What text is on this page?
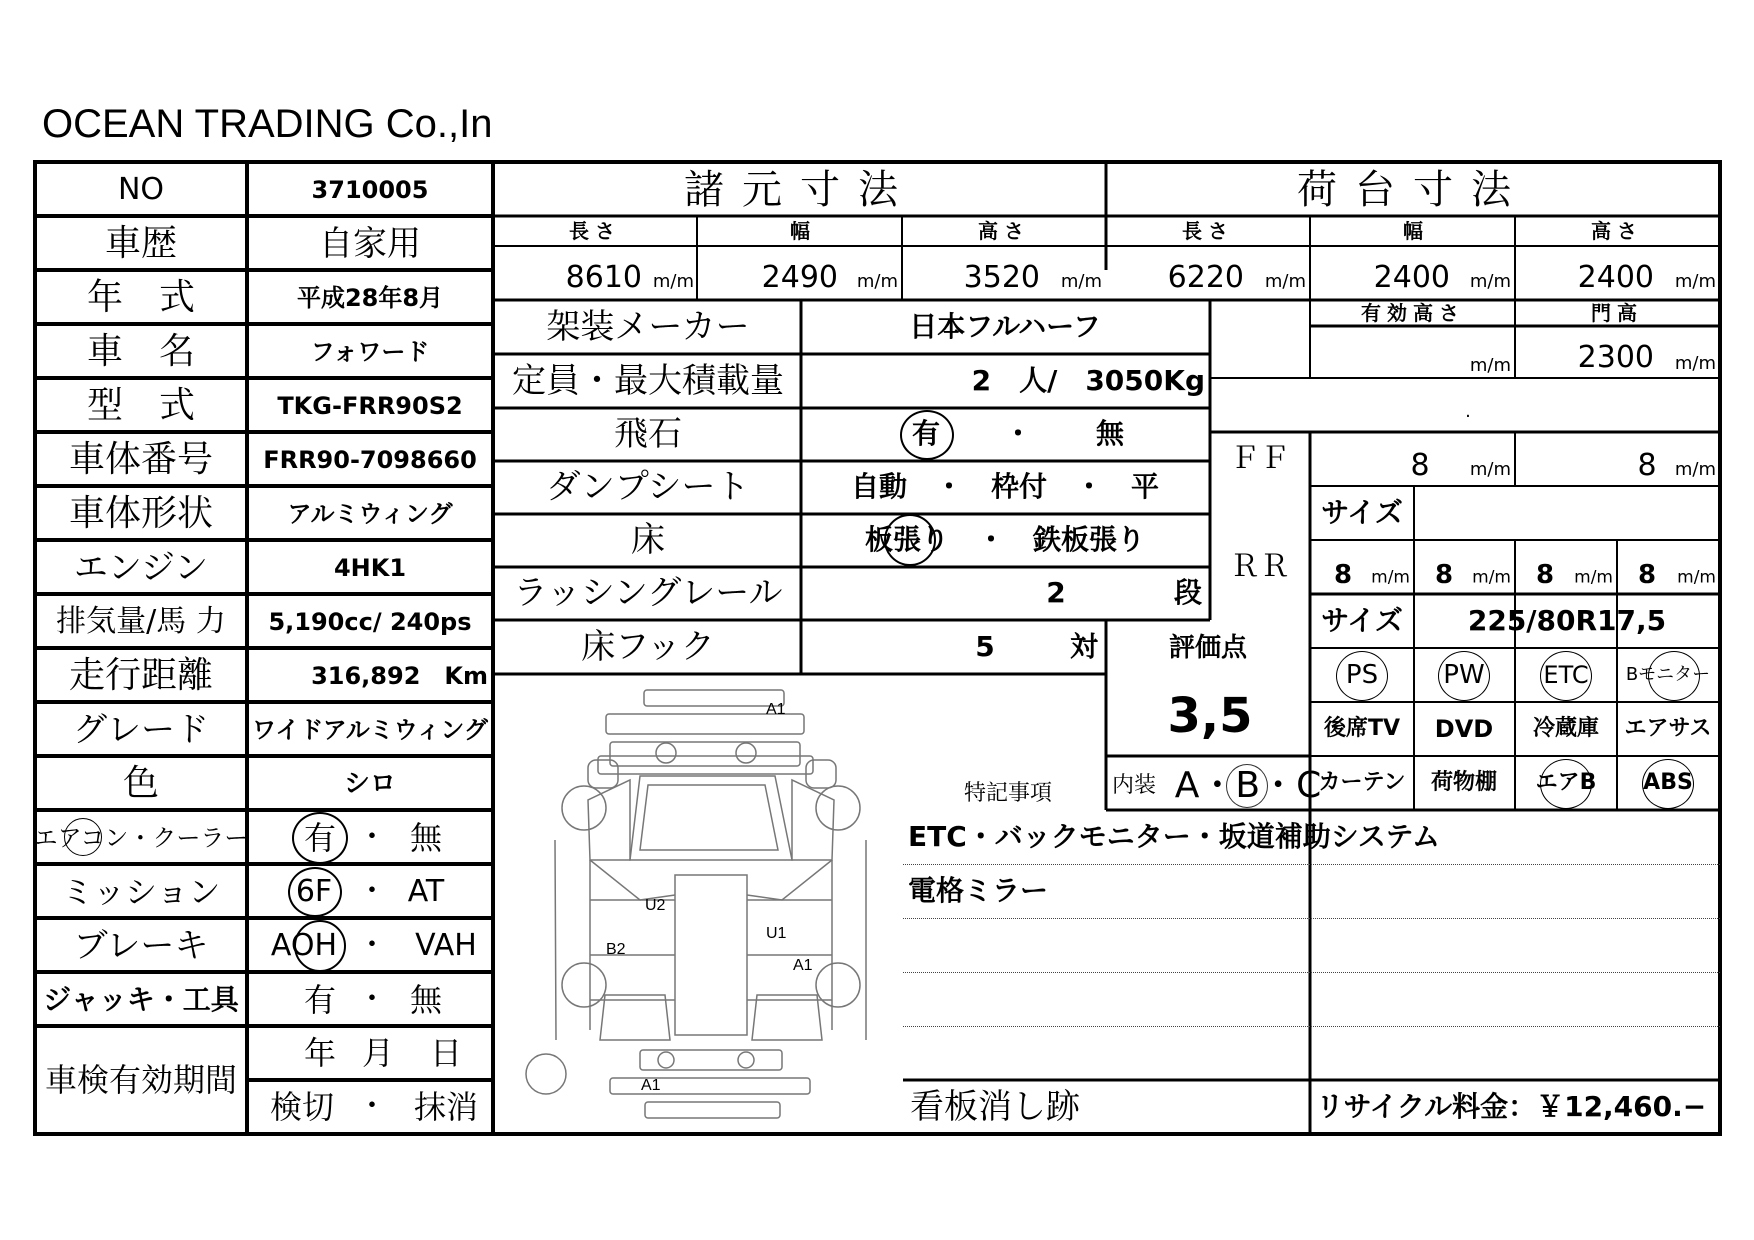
OCEAN TRADING Co.,In
NO	3710005
車歴	自家用
年　式	平成28年8月
車　名	フォワード
型　式	TKG-FRR90S2
車体番号 FRR90-7098660
車体形状	アルミウィング
エンジン	4HK1
排気量/馬 力 5,190cc/ 240ps
走行距離	316,892　Km
グレード ワイドアルミウィング
色	シロ
エアコン・クーラー 有 ・ 無
ミッション	6F ・ AT
ブレーキ AOH ・ VAH
ジャッキ・工具 有 ・ 無
車検有効期間
年 月 日
検切 ・ 抹消
諸元寸法	荷台寸法
長さ	幅	高さ	長さ	幅	高さ
8610 m/m 2490 m/m 3520 m/m 6220 m/m 2400 m/m 2400 m/m
有効高さ	門高
m/m 2300 m/m
.
架装メーカー	日本フルハーフ
定員・最大積載量	2　人/　3050Kg
飛石	有 ・ 無
ダンプシート	自動　・　枠付　・　平
床	板張り　・　鉄板張り
ラッシングレール	2	段
床フック	5	対
ＦＦ	8 m/m	8 m/m
サイズ
ＲＲ 8 m/m 8 m/m 8 m/m 8 m/m
サイズ 225/80R17,5
評価点
3,5
内装 A・B・C
PS	PW ETC Bモニター
後席TV DVD 冷蔵庫 エアサス
カーテン 荷物棚 エアB ABS
特記事項
ETC・バックモニター・坂道補助システム
電格ミラー
看板消し跡	リサイクル料金：￥12,460.−
A1
U2
U1
B2
A1
A1
